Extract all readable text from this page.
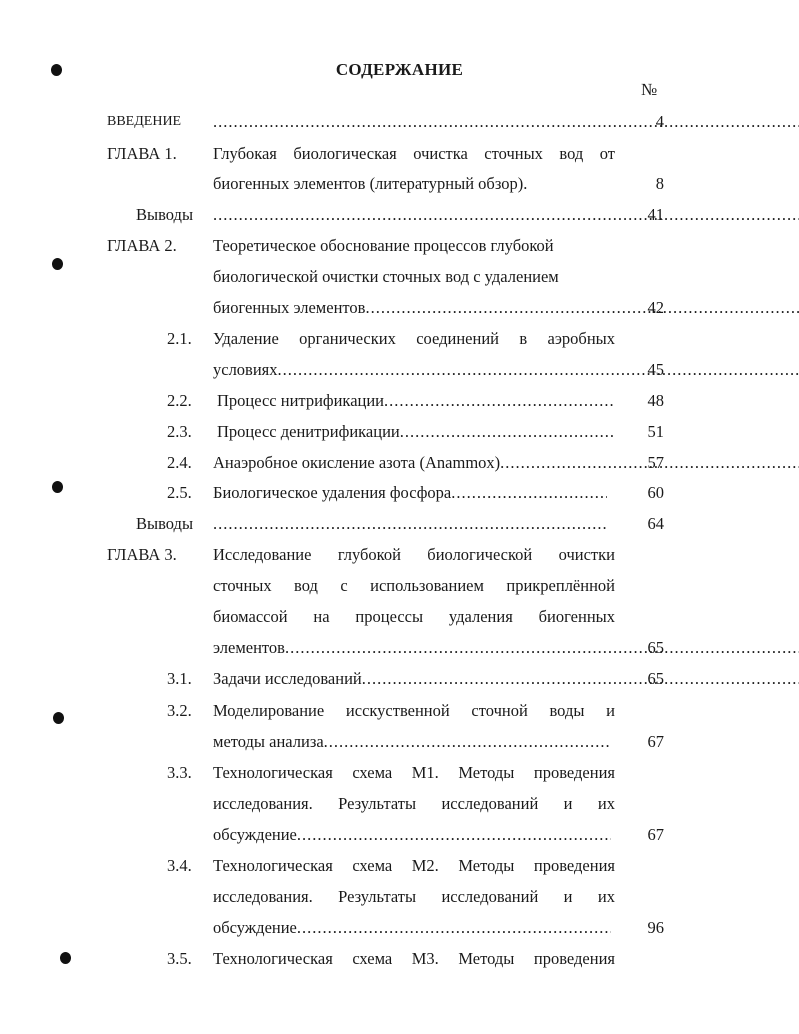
СОДЕРЖАНИЕ
№
ВВЕДЕНИЕ .....	4
ГЛАВА 1. Глубокая биологическая очистка сточных вод от
биогенных элементов (литературный обзор).	8
Выводы .....	41
ГЛАВА 2. Теоретическое обоснование процессов глубокой
биологической очистки сточных вод с удалением
биогенных элементов .....	42
2.1. Удаление органических соединений в аэробных
условиях .....	45
2.2. Процесс нитрификации .....	48
2.3. Процесс денитрификации .....	51
2.4. Анаэробное окисление азота (Anammox) .....	57
2.5. Биологическое удаления фосфора .....	60
Выводы .....	64
ГЛАВА 3. Исследование глубокой биологической очистки
сточных вод с использованием прикреплённой
биомассой на процессы удаления биогенных
элементов .....	65
3.1. Задачи исследований .....	65
3.2. Моделирование исскуственной сточной воды и
методы анализа .....	67
3.3. Технологическая схема М1. Методы проведения
исследования. Результаты исследований и их
обсуждение .....	67
3.4. Технологическая схема М2. Методы проведения
исследования. Результаты исследований и их
обсуждение .....	96
3.5. Технологическая схема М3. Методы проведения
